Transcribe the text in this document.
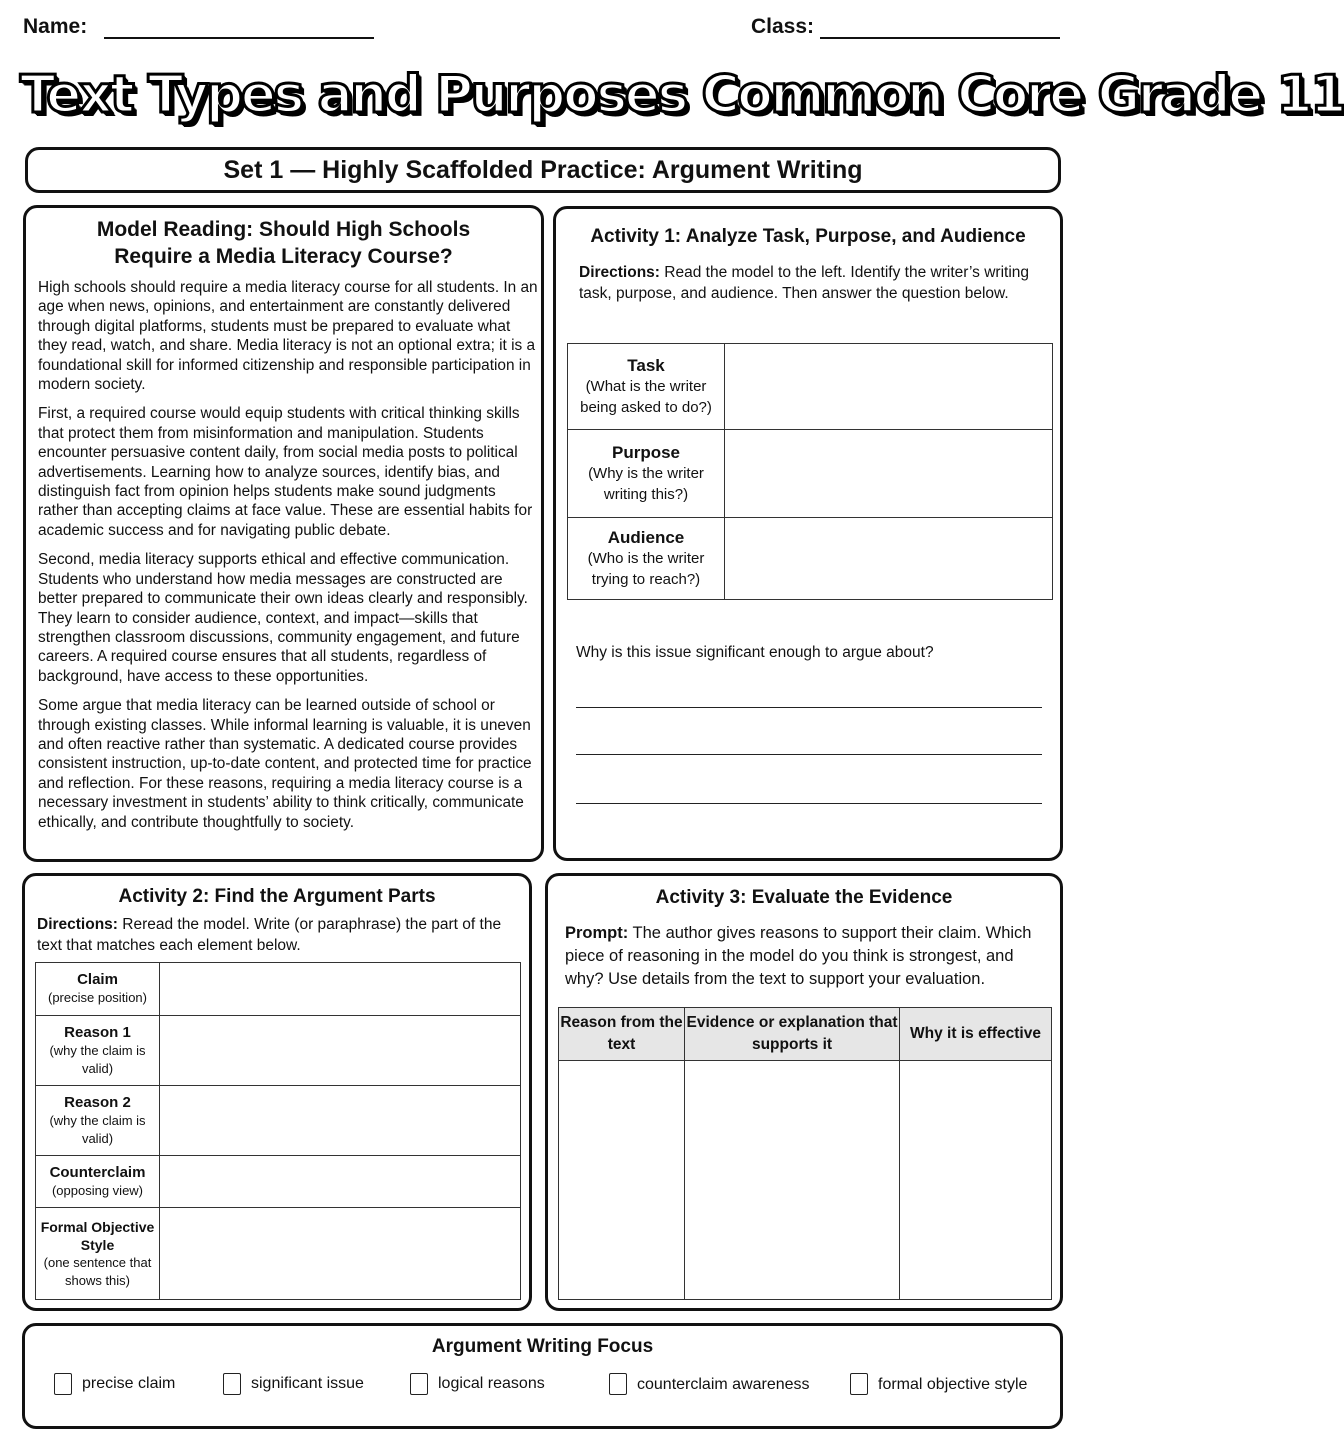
Name:	Class:
Text Types and Purposes Common Core Grade 11
Set 1 — Highly Scaffolded Practice: Argument Writing
Model Reading: Should High Schools
Require a Media Literacy Course?

High schools should require a media literacy course for all students. In an age when news, opinions, and entertainment are constantly delivered through digital platforms, students must be prepared to evaluate what they read, watch, and share. Media literacy is not an optional extra; it is a foundational skill for informed citizenship and responsible participation in modern society.

First, a required course would equip students with critical thinking skills that protect them from misinformation and manipulation. Students encounter persuasive content daily, from social media posts to political advertisements. Learning how to analyze sources, identify bias, and distinguish fact from opinion helps students make sound judgments rather than accepting claims at face value. These are essential habits for academic success and for navigating public debate.

Second, media literacy supports ethical and effective communication. Students who understand how media messages are constructed are better prepared to communicate their own ideas clearly and responsibly. They learn to consider audience, context, and impact—skills that strengthen classroom discussions, community engagement, and future careers. A required course ensures that all students, regardless of background, have access to these opportunities.

Some argue that media literacy can be learned outside of school or through existing classes. While informal learning is valuable, it is uneven and often reactive rather than systematic. A dedicated course provides consistent instruction, up-to-date content, and protected time for practice and reflection. For these reasons, requiring a media literacy course is a necessary investment in students’ ability to think critically, communicate ethically, and contribute thoughtfully to society.

Activity 1: Analyze Task, Purpose, and Audience
Directions: Read the model to the left. Identify the writer’s writing task, purpose, and audience. Then answer the question below.
Task
(What is the writer being asked to do?)	

Purpose
(Why is the writer writing this?)	

Audience
(Who is the writer trying to reach?)	

Why is this issue significant enough to argue about?
Activity 2: Find the Argument Parts
Directions: Reread the model. Write (or paraphrase) the part of the text that matches each element below.
Claim
(precise position)	

Reason 1
(why the claim is valid)	

Reason 2
(why the claim is valid)	

Counterclaim
(opposing view)	

Formal Objective Style
(one sentence that shows this)	

Activity 3: Evaluate the Evidence
Prompt: The author gives reasons to support their claim. Which piece of reasoning in the model do you think is strongest, and why? Use details from the text to support your evaluation.
Reason from the text	Evidence or explanation that supports it	Why it is effective

Argument Writing Focus
precise claim	significant issue	logical reasons	counterclaim awareness	formal objective style
